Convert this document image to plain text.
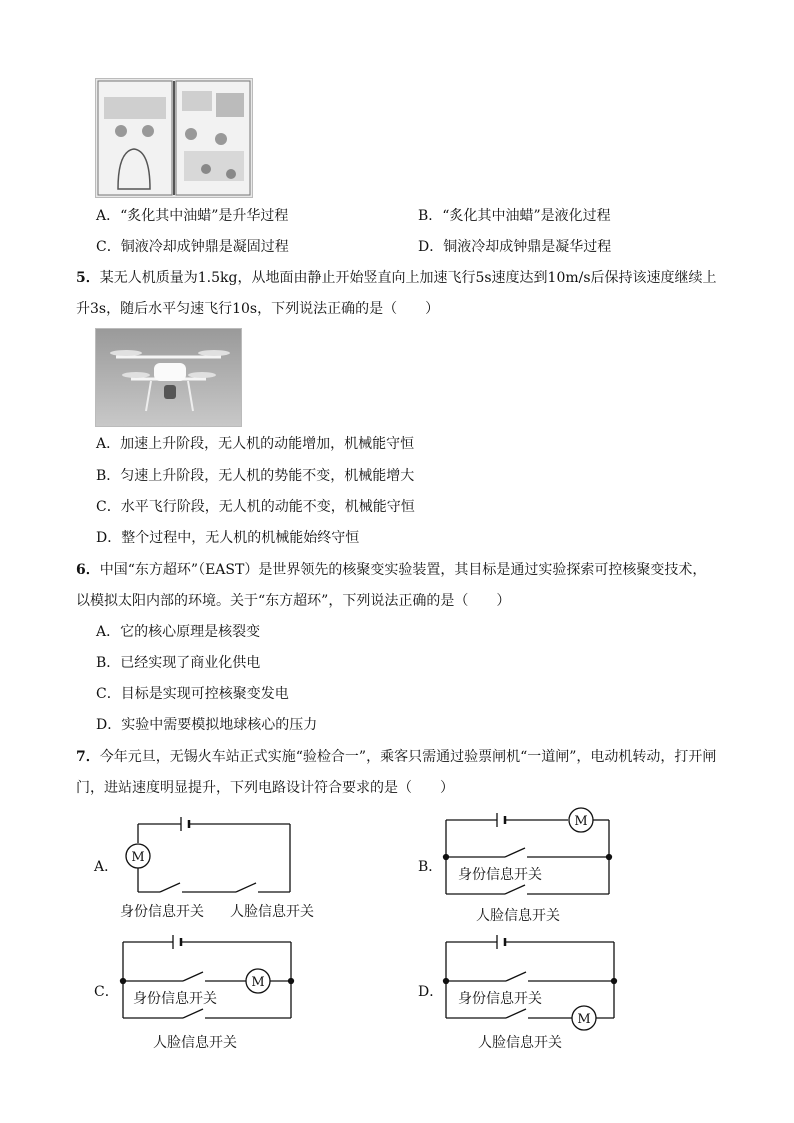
A．“炙化其中油蜡”是升华过程	B．“炙化其中油蜡”是液化过程
C．铜液冷却成钟鼎是凝固过程	D．铜液冷却成钟鼎是凝华过程
5．某无人机质量为1.5kg，从地面由静止开始竖直向上加速飞行5s速度达到10m/s后保持该速度继续上
升3s，随后水平匀速飞行10s，下列说法正确的是（　　）
A．加速上升阶段，无人机的动能增加，机械能守恒
B．匀速上升阶段，无人机的势能不变，机械能增大
C．水平飞行阶段，无人机的动能不变，机械能守恒
D．整个过程中，无人机的机械能始终守恒
6．中国“东方超环”（EAST）是世界领先的核聚变实验装置，其目标是通过实验探索可控核聚变技术，
以模拟太阳内部的环境。关于“东方超环”，下列说法正确的是（　　）
A．它的核心原理是核裂变
B．已经实现了商业化供电
C．目标是实现可控核聚变发电
D．实验中需要模拟地球核心的压力
7．今年元旦，无锡火车站正式实施“验检合一”，乘客只需通过验票闸机“一道闸”，电动机转动，打开闸
门，进站速度明显提升，下列电路设计符合要求的是（　　）
A．
M
身份信息开关 人脸信息开关
B．
M
身份信息开关
人脸信息开关
C．
M
身份信息开关
人脸信息开关
D． 身份信息开关
M
人脸信息开关
